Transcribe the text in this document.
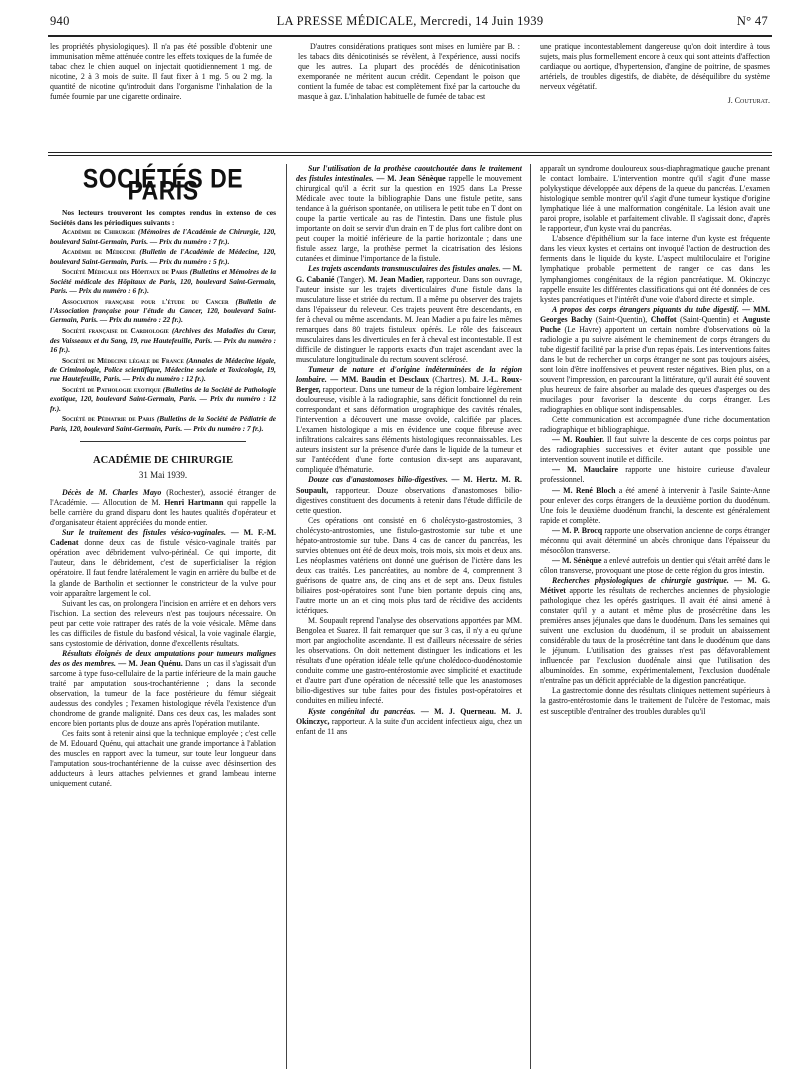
940	LA PRESSE MÉDICALE, Mercredi, 14 Juin 1939	N° 47

les propriétés physiologiques). Il n'a pas été possible d'obtenir une immunisation même atténuée contre les effets toxiques de la fumée de tabac chez le chien auquel on injectait quotidiennement 1 mg. de nicotine, 2 à 3 mois de suite. Il faut fixer à 1 mg. 5 ou 2 mg. la quantité de nicotine qu'introduit dans l'organisme l'inhalation de la fumée fournie par une cigarette ordinaire.

D'autres considérations pratiques sont mises en lumière par B. : les tabacs dits dénicotinisés se révèlent, à l'expérience, aussi nocifs que les autres. La plupart des procédés de dénicotinisation exemporanée ne méritent aucun crédit. Cependant le poison que contient la fumée de tabac est complètement fixé par la cartouche du masque à gaz. L'inhalation habituelle de fumée de tabac est

une pratique incontestablement dangereuse qu'on doit interdire à tous sujets, mais plus formellement encore à ceux qui sont atteints d'affection cardiaque ou aortique, d'hypertension, d'angine de poitrine, de spasmes artériels, de troubles digestifs, de diabète, de déséquilibre du système nerveux végétatif.

J. Couturat.

SOCIÉTÉS DE PARIS

Nos lecteurs trouveront les comptes rendus in extenso de ces Sociétés dans les périodiques suivants :

Académie de Chirurgie (Mémoires de l'Académie de Chirurgie, 120, boulevard Saint-Germain, Paris. — Prix du numéro : 7 fr.).

Académie de Médecine (Bulletin de l'Académie de Médecine, 120, boulevard Saint-Germain, Paris. — Prix du numéro : 5 fr.).

Société Médicale des Hôpitaux de Paris (Bulletins et Mémoires de la Société médicale des Hôpitaux de Paris, 120, boulevard Saint-Germain, Paris. — Prix du numéro : 6 fr.).

Association française pour l'étude du Cancer (Bulletin de l'Association française pour l'étude du Cancer, 120, boulevard Saint-Germain, Paris. — Prix du numéro : 22 fr.).

Société française de Cardiologie (Archives des Maladies du Cœur, des Vaisseaux et du Sang, 19, rue Hautefeuille, Paris. — Prix du numéro : 16 fr.).

Société de Médecine légale de France (Annales de Médecine légale, de Criminologie, Police scientifique, Médecine sociale et Toxicologie, 19, rue Hautefeuille, Paris. — Prix du numéro : 12 fr.).

Société de Pathologie exotique (Bulletins de la Société de Pathologie exotique, 120, boulevard Saint-Germain, Paris. — Prix du numéro : 12 fr.).

Société de Pédiatrie de Paris (Bulletins de la Société de Pédiatrie de Paris, 120, boulevard Saint-Germain, Paris. — Prix du numéro : 7 fr.).

ACADÉMIE DE CHIRURGIE
31 Mai 1939.

Décès de M. Charles Mayo (Rochester), associé étranger de l'Académie. — Allocution de M. Henri Hartmann qui rappelle la belle carrière du grand disparu dont les hautes qualités d'opérateur et d'organisateur étaient appréciées du monde entier.

Sur le traitement des fistules vésico-vaginales. — M. F.-M. Cadenat donne deux cas de fistule vésico-vaginale traités par opération avec débridement vulvo-périnéal. Ce qui importe, dit l'auteur, dans le débridement, c'est de superficialiser la région opératoire. Il faut fendre latéralement le vagin en arrière du bulbe et de la glande de Bartholin et sectionner le constricteur de la vulve pour voir apparaître largement le col.

Suivant les cas, on prolongera l'incision en arrière et en dehors vers l'ischion. La section des releveurs n'est pas toujours nécessaire. On peut par cette voie rattraper des ratés de la voie vésicale. Même dans les cas difficiles de fistule du basfond vésical, la voie vaginale élargie, sans cystostomie de dérivation, donne d'excellents résultats.

Résultats éloignés de deux amputations pour tumeurs malignes des os des membres. — M. Jean Quénu. Dans un cas il s'agissait d'un sarcome à type fuso-cellulaire de la partie inférieure de la main gauche traité par amputation sous-trochantérienne ; dans la seconde observation, la tumeur de la face postérieure du fémur siégeait audessus des condyles ; l'examen histologique révéla l'existence d'un chondrome de grande malignité. Dans ces deux cas, les malades sont encore bien portants plus de douze ans après l'opération mutilante.

Ces faits sont à retenir ainsi que la technique employée ; c'est celle de M. Edouard Quénu, qui attachait une grande importance à l'ablation des muscles en rapport avec la tumeur, sur toute leur longueur dans l'amputation sous-trochantérienne de la cuisse avec désinsertion des adducteurs à leurs attaches pelviennes et grand lambeau interne uniquement cutané.

Sur l'utilisation de la prothèse caoutchoutée dans le traitement des fistules intestinales. — M. Jean Sénèque rappelle le mouvement chirurgical qu'il a écrit sur la question en 1925 dans La Presse Médicale avec toute la bibliographie Dans une fistule petite, sans tendance à la guérison spontanée, on utilisera le petit tube en T dont on coupe la partie verticale au ras de l'intestin. Dans une fistule plus importante on doit se servir d'un drain en T de plus fort calibre dont on peut couper la moitié inférieure de la partie horizontale ; dans une fistule assez large, la prothèse permet la cicatrisation des lésions cutanées et diminue l'importance de la fistule.

Les trajets ascendants transmusculaires des fistules anales. — M. G. Cabanié (Tanger). M. Jean Madier, rapporteur. Dans son ouvrage, l'auteur insiste sur les trajets diverticulaires d'une fistule dans la musculature lisse et striée du rectum. Il a même pu observer des trajets dans l'épaisseur du releveur. Ces trajets peuvent être descendants, en fer à cheval ou même ascendants. M. Jean Madier a pu faire les mêmes remarques dans 80 trajets fistuleux opérés. Le rôle des faisceaux musculaires dans les diverticules en fer à cheval est incontestable. Il est difficile de distinguer le rapports exacts d'un trajet ascendant avec la musculature longitudinale du rectum souvent sclérosé.

Tumeur de nature et d'origine indéterminées de la région lombaire. — MM. Baudin et Desclaux (Chartres). M. J.-L. Roux-Berger, rapporteur. Dans une tumeur de la région lombaire légèrement douloureuse, visible à la radiographie, sans déficit fonctionnel du rein correspondant et sans déformation urographique des cavités rénales, l'intervention a découvert une masse ovoïde, calcifiée par places. L'examen histologique a mis en évidence une coque fibreuse avec infiltrations calcaires sans éléments histologiques reconnaissables. Les auteurs insistent sur la présence d'urée dans le liquide de la tumeur et sur l'antécédent d'une forte contusion dix-sept ans auparavant, compliquée d'hématurie.

Douze cas d'anastomoses bilio-digestives. — M. Hertz. M. R. Soupault, rapporteur. Douze observations d'anastomoses bilio-digestives constituent des documents à retenir dans l'étude difficile de cette question.

Ces opérations ont consisté en 6 cholécysto-gastrostomies, 3 cholécysto-antrostomies, une fistulo-gastrostomie sur tube et une hépato-antrostomie sur tube. Dans 4 cas de cancer du pancréas, les survies obtenues ont été de deux mois, trois mois, six mois et deux ans. Les néoplasmes vatériens ont donné une guérison de l'ictère dans les deux cas traités. Les pancréatites, au nombre de 4, comprennent 3 guérisons de quatre ans, de cinq ans et de sept ans. Deux fistules biliaires post-opératoires sont l'une bien portante depuis cinq ans, l'autre morte un an et cinq mois plus tard de récidive des accidents ictériques.

M. Soupault reprend l'analyse des observations apportées par MM. Bengolea et Suarez. Il fait remarquer que sur 3 cas, il n'y a eu qu'une mort par angiocholite ascendante. Il est d'ailleurs nécessaire de séries les observations. On doit nettement distinguer les indications et les résultats d'une opération idéale telle qu'une cholédoco-duodénostomie conduite comme une gastro-entérostomie avec simplicité et exactitude et d'autre part d'une opération de nécessité telle que les anastomoses bilio-digestives sur tube faites pour des fistules post-opératoires et conduites en milieu infecté.

Kyste congénital du pancréas. — M. J. Querneau. M. J. Okinczyc, rapporteur. A la suite d'un accident infectieux aigu, chez un enfant de 11 ans

apparaît un syndrome douloureux sous-diaphragmatique gauche prenant le contact lombaire. L'intervention montre qu'il s'agit d'une masse polykystique développée aux dépens de la queue du pancréas. L'examen histologique semble montrer qu'il s'agit d'une tumeur kystique d'origine lymphatique liée à une malformation congénitale. La lésion avait une paroi propre, isolable et parfaitement clivable. Il s'agissait donc, d'après le rapporteur, d'un kyste vrai du pancréas.

L'absence d'épithélium sur la face interne d'un kyste est fréquente dans les vieux kystes et certains ont invoqué l'action de destruction des ferments dans le liquide du kyste. L'aspect multiloculaire et l'origine lymphatique probable permettent de ranger ce cas dans les lymphangiomes congénitaux de la région pancréatique. M. Okinczyc rappelle ensuite les différentes classifications qui ont été données de ces kystes pancréatiques et l'intérêt d'une voie d'abord directe et simple.

A propos des corps étrangers piquants du tube digestif. — MM. Georges Bachy (Saint-Quentin), Choffot (Saint-Quentin) et Auguste Puche (Le Havre) apportent un certain nombre d'observations où la radiologie a pu suivre aisément le cheminement de corps étrangers du tube digestif facilité par la prise d'un repas épais. Les interventions faites dans le but de rechercher un corps étranger ne sont pas toujours aisées, sont loin d'être inoffensives et peuvent rester négatives. Bien plus, on a souvent l'impression, en parcourant la littérature, qu'il aurait été souvent plus heureux de faire absorber au malade des queues d'asperges ou des mucilages pour favoriser la descente du corps étranger. Les radiographies en oblique sont indispensables.

Cette communication est accompagnée d'une riche documentation radiographique et bibliographique.

— M. Rouhier. Il faut suivre la descente de ces corps pointus par des radiographies successives et éviter autant que possible une intervention souvent inutile et difficile.

— M. Mauclaire rapporte une histoire curieuse d'avaleur professionnel.

— M. René Bloch a été amené à intervenir à l'asile Sainte-Anne pour enlever des corps étrangers de la deuxième portion du duodénum. Une fois le deuxième duodénum franchi, la descente est généralement rapide et complète.

— M. P. Brocq rapporte une observation ancienne de corps étranger méconnu qui avait déterminé un abcès chronique dans l'épaisseur du mésocôlon transverse.

— M. Sénèque a enlevé autrefois un dentier qui s'était arrêté dans le côlon transverse, provoquant une ptose de cette région du gros intestin.

Recherches physiologiques de chirurgie gastrique. — M. G. Métivet apporte les résultats de recherches anciennes de physiologie pathologique chez les opérés gastriques. Il avait été ainsi amené à constater qu'il y a autant et même plus de prosécrétine dans les premières anses jéjunales que dans le duodénum. Dans les semaines qui suivent une exclusion du duodénum, il se produit un abaissement considérable du taux de la prosécrétine tant dans le duodénum que dans le jéjunum. L'utilisation des graisses n'est pas défavorablement influencée par l'exclusion duodénale ainsi que l'utilisation des albuminoïdes. En somme, expérimentalement, l'exclusion duodénale n'entraîne pas un déficit appréciable de la digestion pancréatique.

La gastrectomie donne des résultats cliniques nettement supérieurs à la gastro-entérostomie dans le traitement de l'ulcère de l'estomac, mais est susceptible d'entraîner des troubles durables qu'il
